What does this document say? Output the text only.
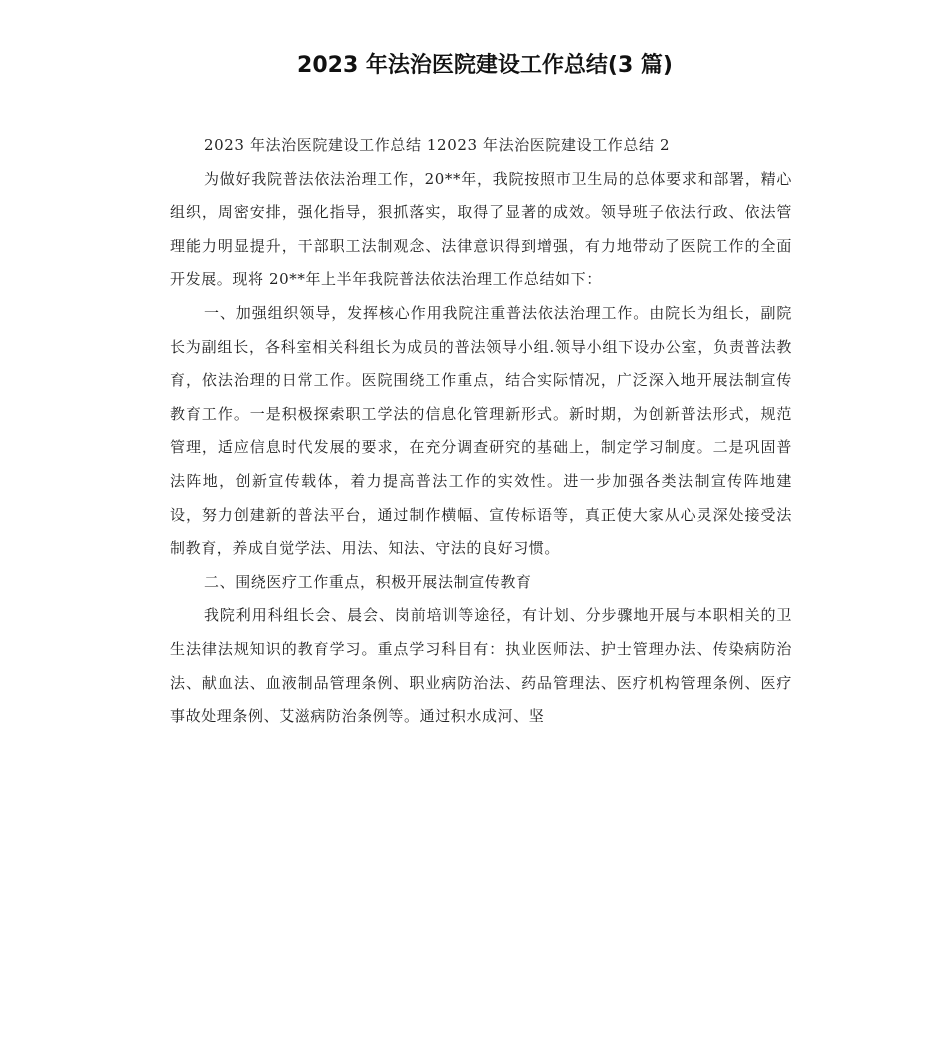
2023 年法治医院建设工作总结(3 篇)

2023 年法治医院建设工作总结 12023 年法治医院建设工作总结 2

为做好我院普法依法治理工作，20**年，我院按照市卫生局的总体要求和部署，精心组织，周密安排，强化指导，狠抓落实，取得了显著的成效。领导班子依法行政、依法管理能力明显提升，干部职工法制观念、法律意识得到增强，有力地带动了医院工作的全面开发展。现将 20**年上半年我院普法依法治理工作总结如下：

一、加强组织领导，发挥核心作用我院注重普法依法治理工作。由院长为组长，副院长为副组长，各科室相关科组长为成员的普法领导小组.领导小组下设办公室，负责普法教育，依法治理的日常工作。医院围绕工作重点，结合实际情况，广泛深入地开展法制宣传教育工作。一是积极探索职工学法的信息化管理新形式。新时期，为创新普法形式，规范管理，适应信息时代发展的要求，在充分调查研究的基础上，制定学习制度。二是巩固普法阵地，创新宣传载体，着力提高普法工作的实效性。进一步加强各类法制宣传阵地建设，努力创建新的普法平台，通过制作横幅、宣传标语等，真正使大家从心灵深处接受法制教育，养成自觉学法、用法、知法、守法的良好习惯。

二、围绕医疗工作重点，积极开展法制宣传教育

我院利用科组长会、晨会、岗前培训等途径，有计划、分步骤地开展与本职相关的卫生法律法规知识的教育学习。重点学习科目有：执业医师法、护士管理办法、传染病防治法、献血法、血液制品管理条例、职业病防治法、药品管理法、医疗机构管理条例、医疗事故处理条例、艾滋病防治条例等。通过积水成河、坚
